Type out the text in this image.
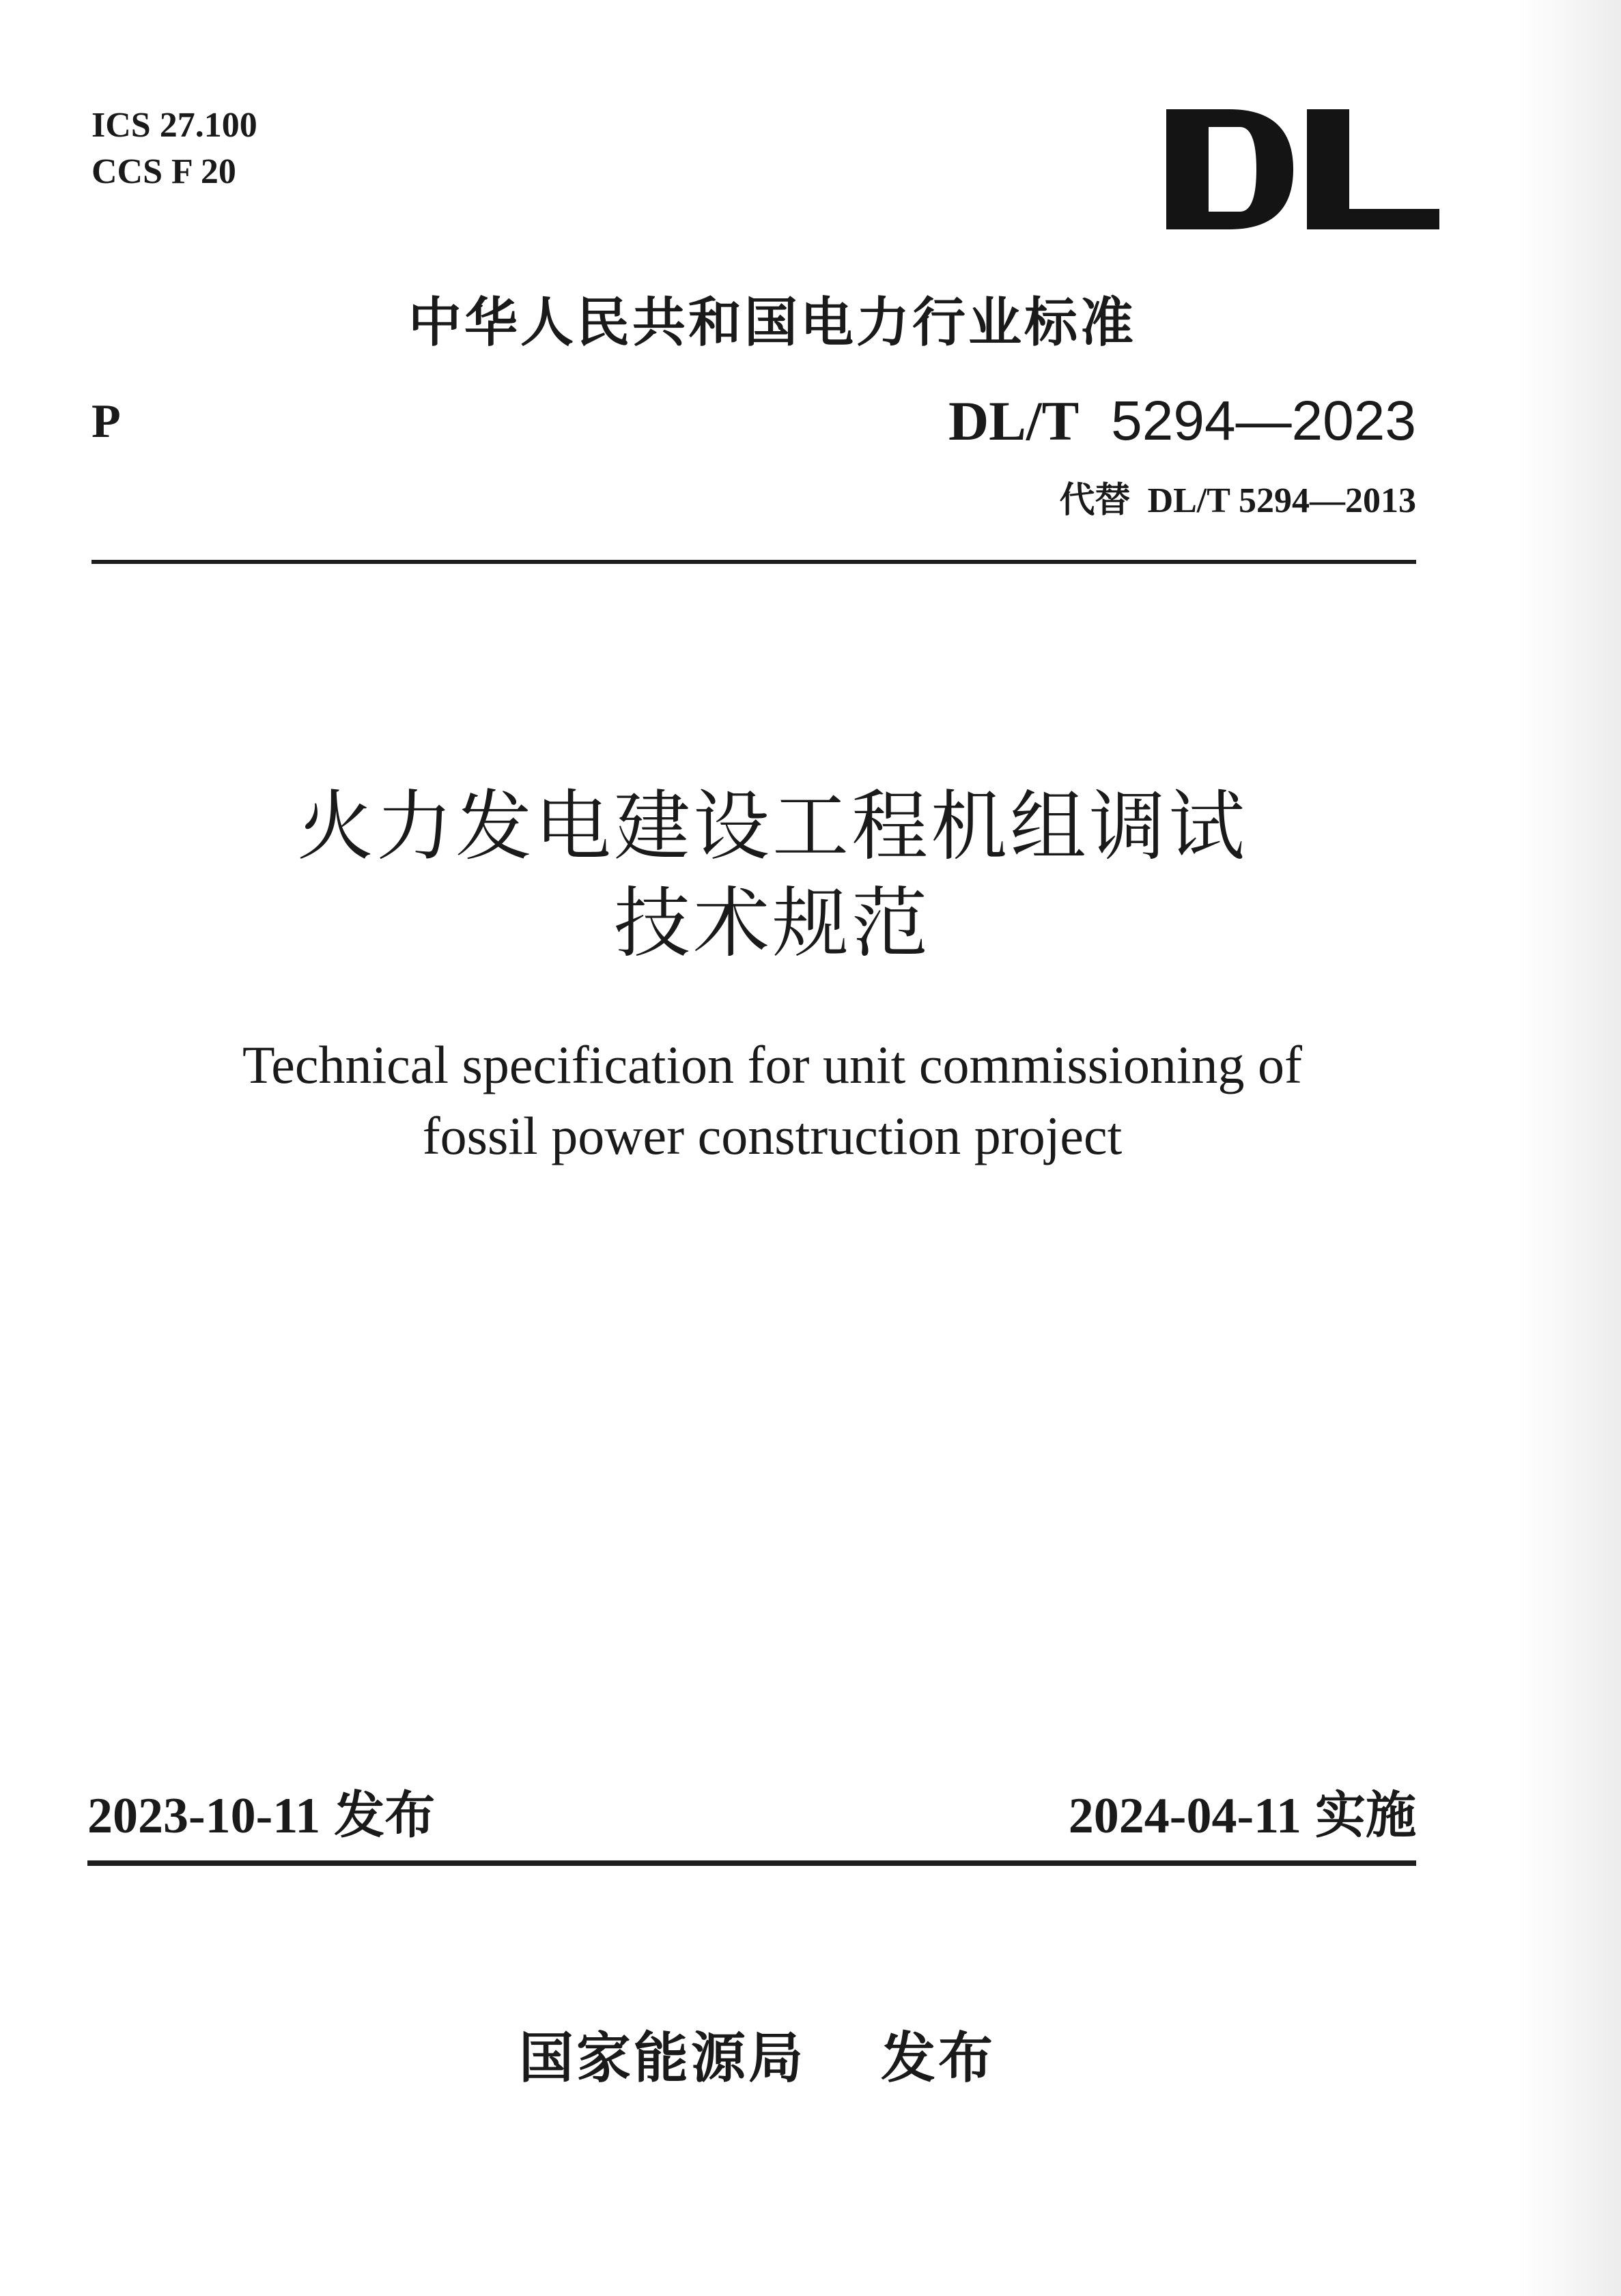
ICS 27.100
CCS F 20
中华人民共和国电力行业标准
P	DL/T 5294—2023
代替 DL/T 5294—2013
火力发电建设工程机组调试
技术规范
Technical specification for unit commissioning of
fossil power construction project
2023-10-11 发布	2024-04-11 实施
国家能源局 发布
